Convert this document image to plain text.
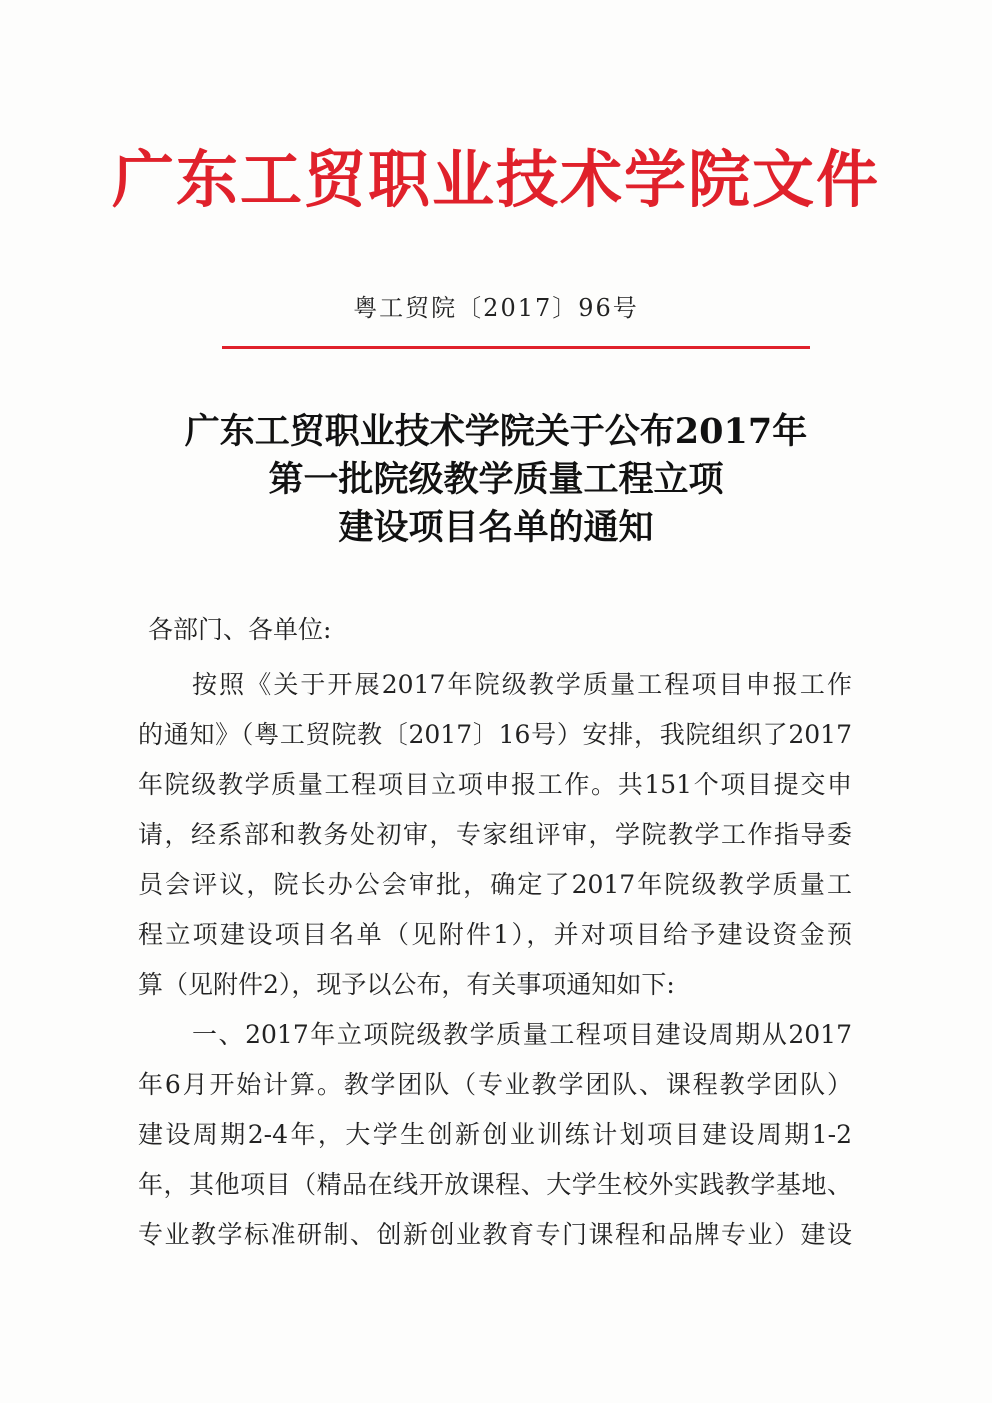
广东工贸职业技术学院文件
粤工贸院〔2017〕96号
广东工贸职业技术学院关于公布2017年
第一批院级教学质量工程立项
建设项目名单的通知
各部门、各单位:
按照《关于开展2017年院级教学质量工程项目申报工作
的通知》（粤工贸院教〔2017〕16号）安排，我院组织了2017
年院级教学质量工程项目立项申报工作。共151个项目提交申
请，经系部和教务处初审，专家组评审，学院教学工作指导委
员会评议，院长办公会审批，确定了2017年院级教学质量工
程立项建设项目名单（见附件1），并对项目给予建设资金预
算（见附件2），现予以公布，有关事项通知如下:
一、2017年立项院级教学质量工程项目建设周期从2017
年6月开始计算。教学团队（专业教学团队、课程教学团队）
建设周期2-4年，大学生创新创业训练计划项目建设周期1-2
年，其他项目（精品在线开放课程、大学生校外实践教学基地、
专业教学标准研制、创新创业教育专门课程和品牌专业）建设
